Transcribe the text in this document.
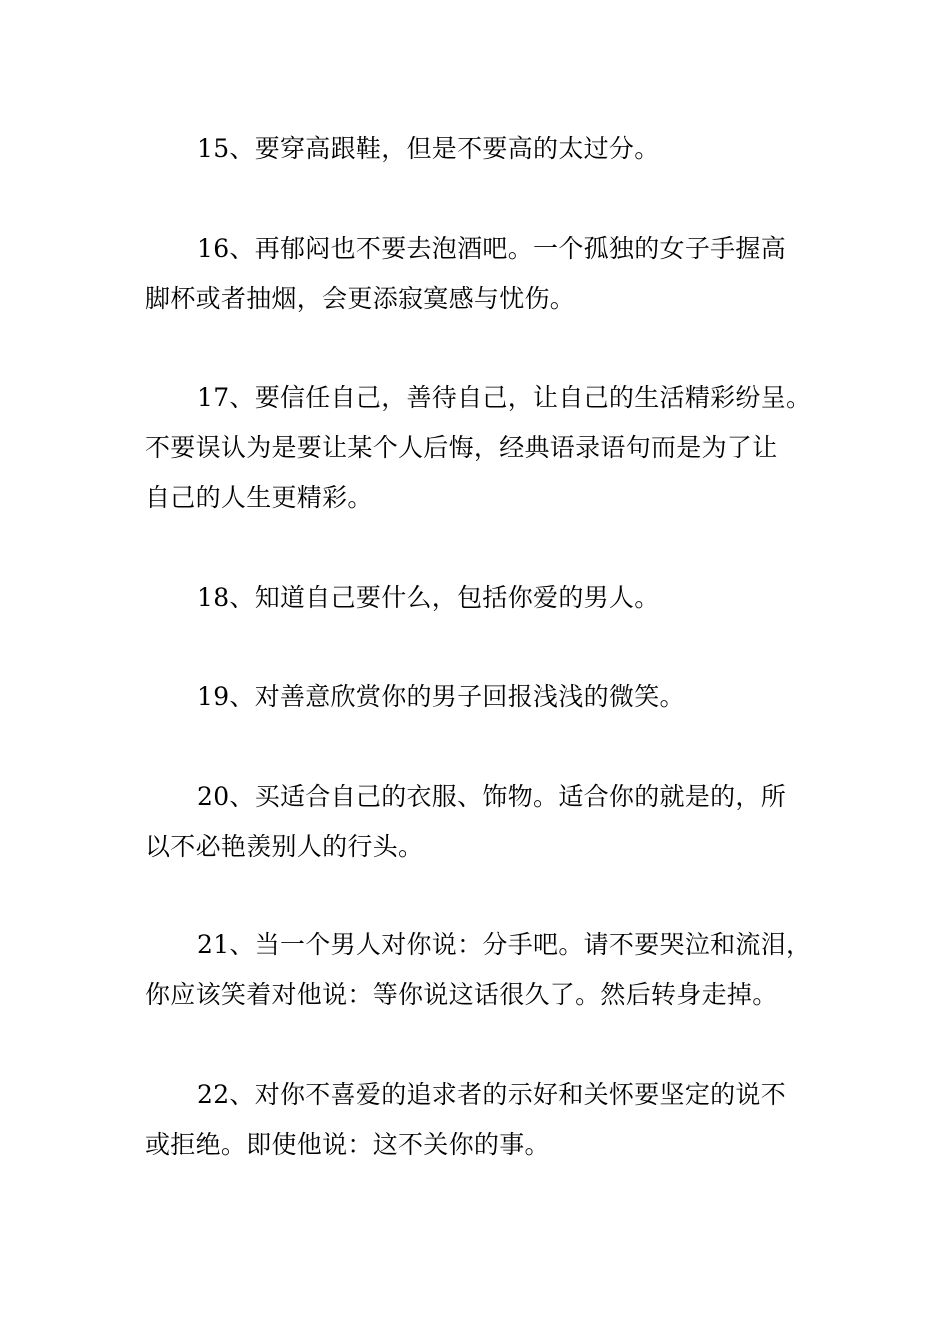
15、要穿高跟鞋，但是不要高的太过分。

16、再郁闷也不要去泡酒吧。一个孤独的女子手握高
脚杯或者抽烟，会更添寂寞感与忧伤。

17、要信任自己，善待自己，让自己的生活精彩纷呈。
不要误认为是要让某个人后悔，经典语录语句而是为了让
自己的人生更精彩。

18、知道自己要什么，包括你爱的男人。

19、对善意欣赏你的男子回报浅浅的微笑。

20、买适合自己的衣服、饰物。适合你的就是的，所
以不必艳羡别人的行头。

21、当一个男人对你说：分手吧。请不要哭泣和流泪，
你应该笑着对他说：等你说这话很久了。然后转身走掉。

22、对你不喜爱的追求者的示好和关怀要坚定的说不
或拒绝。即使他说：这不关你的事。
